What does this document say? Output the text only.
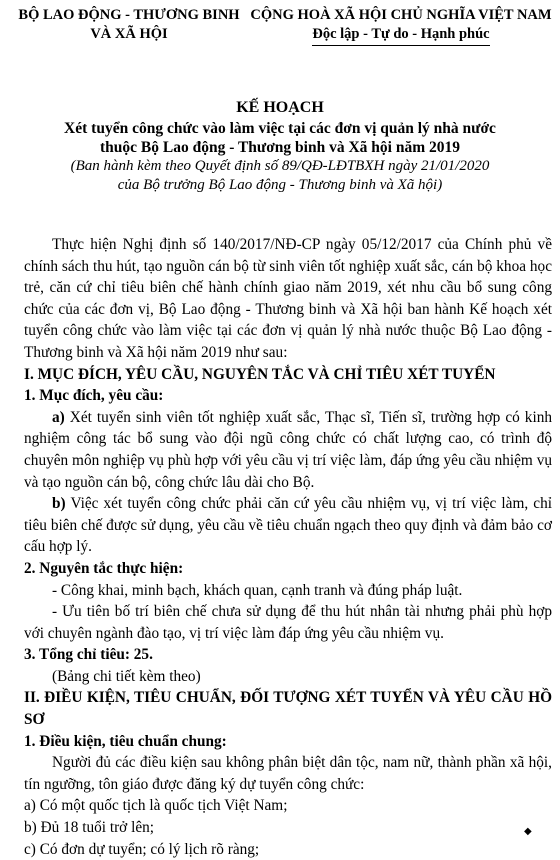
BỘ LAO ĐỘNG - THƯƠNG BINH
VÀ XÃ HỘI
CỘNG HOÀ XÃ HỘI CHỦ NGHĨA VIỆT NAM
Độc lập - Tự do - Hạnh phúc
KẾ HOẠCH
Xét tuyển công chức vào làm việc tại các đơn vị quản lý nhà nước
thuộc Bộ Lao động - Thương binh và Xã hội năm 2019
(Ban hành kèm theo Quyết định số 89/QĐ-LĐTBXH ngày 21/01/2020
của Bộ trưởng Bộ Lao động - Thương binh và Xã hội)

Thực hiện Nghị định số 140/2017/NĐ-CP ngày 05/12/2017 của Chính phủ về chính sách thu hút, tạo nguồn cán bộ từ sinh viên tốt nghiệp xuất sắc, cán bộ khoa học trẻ, căn cứ chỉ tiêu biên chế hành chính giao năm 2019, xét nhu cầu bổ sung công chức của các đơn vị, Bộ Lao động - Thương binh và Xã hội ban hành Kế hoạch xét tuyển công chức vào làm việc tại các đơn vị quản lý nhà nước thuộc Bộ Lao động - Thương binh và Xã hội năm 2019 như sau:

I. MỤC ĐÍCH, YÊU CẦU, NGUYÊN TẮC VÀ CHỈ TIÊU XÉT TUYỂN

1. Mục đích, yêu cầu:

a) Xét tuyển sinh viên tốt nghiệp xuất sắc, Thạc sĩ, Tiến sĩ, trường hợp có kinh nghiệm công tác bổ sung vào đội ngũ công chức có chất lượng cao, có trình độ chuyên môn nghiệp vụ phù hợp với yêu cầu vị trí việc làm, đáp ứng yêu cầu nhiệm vụ và tạo nguồn cán bộ, công chức lâu dài cho Bộ.

b) Việc xét tuyển công chức phải căn cứ yêu cầu nhiệm vụ, vị trí việc làm, chỉ tiêu biên chế được sử dụng, yêu cầu về tiêu chuẩn ngạch theo quy định và đảm bảo cơ cấu hợp lý.

2. Nguyên tắc thực hiện:

- Công khai, minh bạch, khách quan, cạnh tranh và đúng pháp luật.

- Ưu tiên bố trí biên chế chưa sử dụng để thu hút nhân tài nhưng phải phù hợp với chuyên ngành đào tạo, vị trí việc làm đáp ứng yêu cầu nhiệm vụ.

3. Tổng chỉ tiêu: 25.

(Bảng chi tiết kèm theo)

II. ĐIỀU KIỆN, TIÊU CHUẨN, ĐỐI TƯỢNG XÉT TUYỂN VÀ YÊU CẦU HỒ SƠ

1. Điều kiện, tiêu chuẩn chung:

Người đủ các điều kiện sau không phân biệt dân tộc, nam nữ, thành phần xã hội, tín ngưỡng, tôn giáo được đăng ký dự tuyển công chức:

a) Có một quốc tịch là quốc tịch Việt Nam;

b) Đủ 18 tuổi trở lên;

c) Có đơn dự tuyển; có lý lịch rõ ràng;

◆
